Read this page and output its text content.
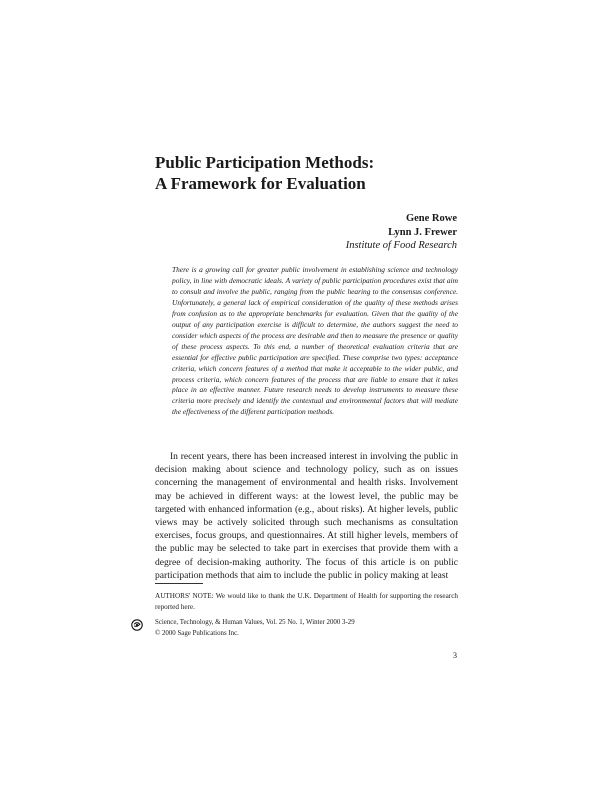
Public Participation Methods:
A Framework for Evaluation
Gene Rowe
Lynn J. Frewer
Institute of Food Research

There is a growing call for greater public involvement in establishing science and technology policy, in line with democratic ideals. A variety of public participation procedures exist that aim to consult and involve the public, ranging from the public hearing to the consensus conference. Unfortunately, a general lack of empirical consideration of the quality of these methods arises from confusion as to the appropriate benchmarks for evaluation. Given that the quality of the output of any participation exercise is difficult to determine, the authors suggest the need to consider which aspects of the process are desirable and then to measure the presence or quality of these process aspects. To this end, a number of theoretical evaluation criteria that are essential for effective public participation are specified. These comprise two types: acceptance criteria, which concern features of a method that make it acceptable to the wider public, and process criteria, which concern features of the process that are liable to ensure that it takes place in an effective manner. Future research needs to develop instruments to measure these criteria more precisely and identify the contextual and environmental factors that will mediate the effectiveness of the different participation methods.

In recent years, there has been increased interest in involving the public in decision making about science and technology policy, such as on issues concerning the management of environmental and health risks. Involvement may be achieved in different ways: at the lowest level, the public may be targeted with enhanced information (e.g., about risks). At higher levels, public views may be actively solicited through such mechanisms as consultation exercises, focus groups, and questionnaires. At still higher levels, members of the public may be selected to take part in exercises that provide them with a degree of decision-making authority. The focus of this article is on public participation methods that aim to include the public in policy making at least

AUTHORS' NOTE: We would like to thank the U.K. Department of Health for supporting the research reported here.

Science, Technology, & Human Values, Vol. 25 No. 1, Winter 2000 3-29
© 2000 Sage Publications Inc.
3
